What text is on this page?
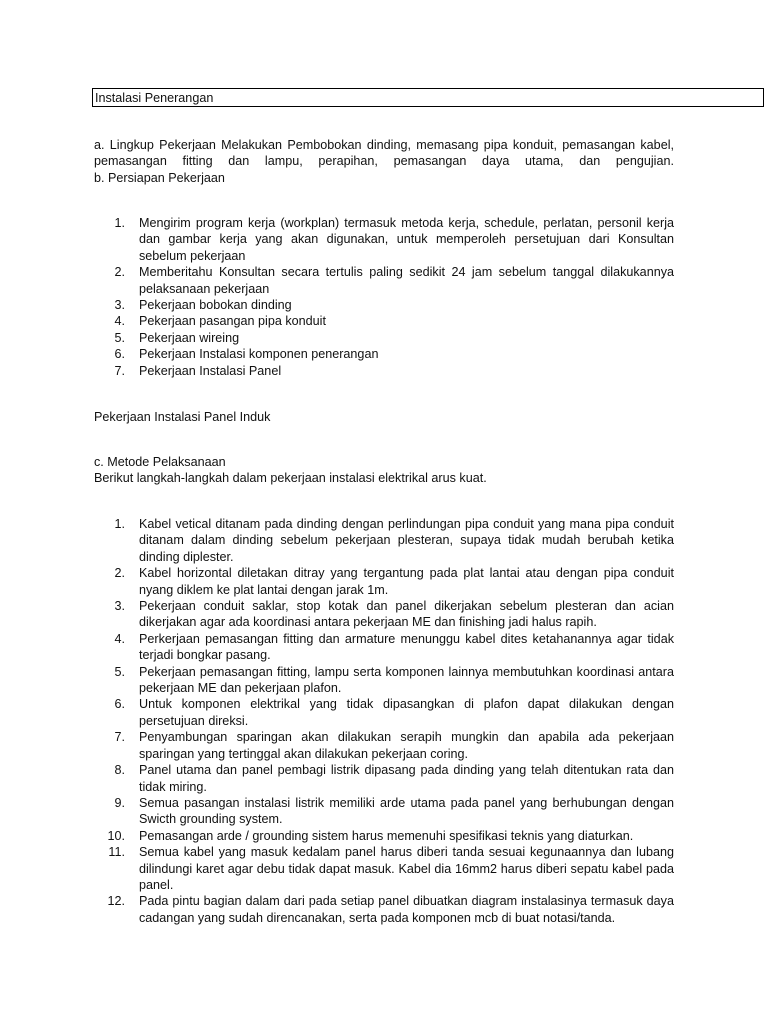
Instalasi Penerangan
a. Lingkup Pekerjaan Melakukan Pembobokan dinding, memasang pipa konduit, pemasangan kabel,
pemasangan fitting dan lampu, perapihan, pemasangan daya utama, dan pengujian.
b. Persiapan Pekerjaan
1. Mengirim program kerja (workplan) termasuk metoda kerja, schedule, perlatan, personil kerja dan gambar kerja yang akan digunakan, untuk memperoleh persetujuan dari Konsultan sebelum pekerjaan
2. Memberitahu Konsultan secara tertulis paling sedikit 24 jam sebelum tanggal dilakukannya pelaksanaan pekerjaan
3. Pekerjaan bobokan dinding
4. Pekerjaan pasangan pipa konduit
5. Pekerjaan wireing
6. Pekerjaan Instalasi komponen penerangan
7. Pekerjaan Instalasi Panel
Pekerjaan Instalasi Panel Induk
c. Metode Pelaksanaan
Berikut langkah-langkah dalam pekerjaan instalasi elektrikal arus kuat.
1. Kabel vetical ditanam pada dinding dengan perlindungan pipa conduit yang mana pipa conduit ditanam dalam dinding sebelum pekerjaan plesteran, supaya tidak mudah berubah ketika dinding diplester.
2. Kabel horizontal diletakan ditray yang tergantung pada plat lantai atau dengan pipa conduit nyang diklem ke plat lantai dengan jarak 1m.
3. Pekerjaan conduit saklar, stop kotak dan panel dikerjakan sebelum plesteran dan acian dikerjakan agar ada koordinasi antara pekerjaan ME dan finishing jadi halus rapih.
4. Perkerjaan pemasangan fitting dan armature menunggu kabel dites ketahanannya agar tidak terjadi bongkar pasang.
5. Pekerjaan pemasangan fitting, lampu serta komponen lainnya membutuhkan koordinasi antara pekerjaan ME dan pekerjaan plafon.
6. Untuk komponen elektrikal yang tidak dipasangkan di plafon dapat dilakukan dengan persetujuan direksi.
7. Penyambungan sparingan akan dilakukan serapih mungkin dan apabila ada pekerjaan sparingan yang tertinggal akan dilakukan pekerjaan coring.
8. Panel utama dan panel pembagi listrik dipasang pada dinding yang telah ditentukan rata dan tidak miring.
9. Semua pasangan instalasi listrik memiliki arde utama pada panel yang berhubungan dengan Swicth grounding system.
10. Pemasangan arde / grounding sistem harus memenuhi spesifikasi teknis yang diaturkan.
11. Semua kabel yang masuk kedalam panel harus diberi tanda sesuai kegunaannya dan lubang dilindungi karet agar debu tidak dapat masuk. Kabel dia 16mm2 harus diberi sepatu kabel pada panel.
12. Pada pintu bagian dalam dari pada setiap panel dibuatkan diagram instalasinya termasuk daya cadangan yang sudah direncanakan, serta pada komponen mcb di buat notasi/tanda.
